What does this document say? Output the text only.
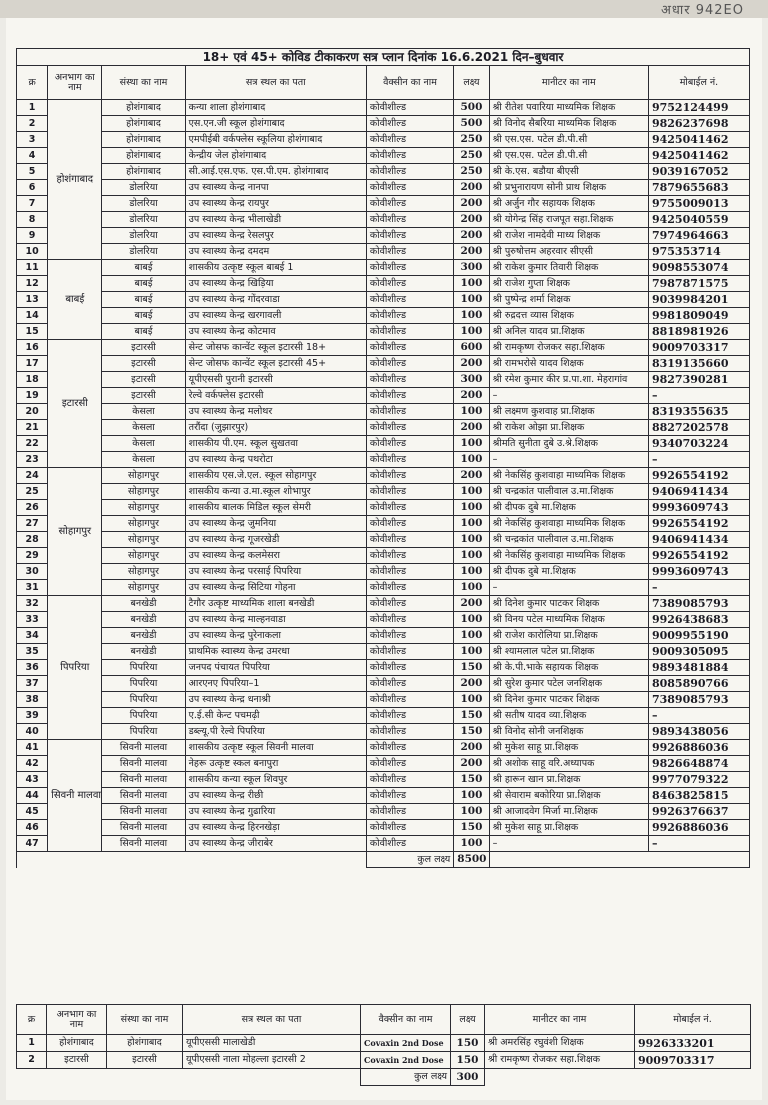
अधार 942EO
18+ एवं 45+ कोविड टीकाकरण सत्र प्लान दिनांक 16.6.2021 दिन–बुधवार							
क्र	अनभाग का नाम	संस्था का नाम	सत्र स्थल का पता	वैक्सीन का नाम	लक्ष्य	मानीटर का नाम	मोबाईल नं.
1	होशंगाबाद	होशंगाबाद	कन्या शाला होशंगाबाद	कोवीशील्ड	500	श्री रीतेश पवारिया माध्यमिक शिक्षक	9752124499
2		होशंगाबाद	एस.एन.जी स्कूल होशंगाबाद	कोवीशील्ड	500	श्री विनोद सैबरिया माध्यमिक शिक्षक	9826237698
3		होशंगाबाद	एमपीईबी वर्कफ्लेस स्कूलिया होशंगाबाद	कोवीशील्ड	250	श्री एस.एस. पटेल डी.पी.सी	9425041462
4		होशंगाबाद	केन्द्रीय जेल होशंगाबाद	कोवीशील्ड	250	श्री एस.एस. पटेल डी.पी.सी	9425041462
5		होशंगाबाद	सी.आई.एस.एफ. एस.पी.एम. होशंगाबाद	कोवीशील्ड	250	श्री के.एस. बडौया बीएसी	9039167052
6		डोलरिया	उप स्वास्थ्य केन्द्र नानपा	कोवीशील्ड	200	श्री प्रभुनारायण सोनी प्राथ शिक्षक	7879655683
7		डोलरिया	उप स्वास्थ्य केन्द्र रायपुर	कोवीशील्ड	200	श्री अर्जुन गौर सहायक शिक्षक	9755009013
8		डोलरिया	उप स्वास्थ्य केन्द्र भीलाखेडी	कोवीशील्ड	200	श्री योगेन्द्र सिंह राजपूत सहा.शिक्षक	9425040559
9		डोलरिया	उप स्वास्थ्य केन्द्र रेसलपुर	कोवीशील्ड	200	श्री राजेश नामदेवी माध्य शिक्षक	7974964663
10		डोलरिया	उप स्वास्थ्य केन्द्र दमदम	कोवीशील्ड	200	श्री पुरुषोत्तम अहरवार सीएसी	975353714
11	बाबई	बाबई	शासकीय उत्कृष्ट स्कूल बाबई 1	कोवीशील्ड	300	श्री राकेश कुमार तिवारी शिक्षक	9098553074
12		बाबई	उप स्वास्थ्य केन्द्र खिड़िया	कोवीशील्ड	100	श्री राजेश गुप्ता शिक्षक	7987871575
13		बाबई	उप स्वास्थ्य केन्द्र गोंदरवाडा	कोवीशील्ड	100	श्री पुष्पेन्द्र शर्मा शिक्षक	9039984201
14		बाबई	उप स्वास्थ्य केन्द्र खरगावली	कोवीशील्ड	100	श्री रुद्रदत्त व्यास शिक्षक	9981809049
15		बाबई	उप स्वास्थ्य केन्द्र कोटमाव	कोवीशील्ड	100	श्री अनिल यादव प्रा.शिक्षक	8818981926
16	इटारसी	इटारसी	सेन्ट जोसफ कान्वेंट स्कूल इटारसी 18+	कोवीशील्ड	600	श्री रामकृष्ण रोजकर सहा.शिक्षक	9009703317
17		इटारसी	सेन्ट जोसफ कान्वेंट स्कूल इटारसी 45+	कोवीशील्ड	200	श्री रामभरोसे यादव शिक्षक	8319135660
18		इटारसी	यूपीएससी पुरानी इटारसी	कोवीशील्ड	300	श्री रमेश कुमार कीर प्र.पा.शा. मेहरागांव	9827390281
19		इटारसी	रेल्वे वर्कफ्लेस इटारसी	कोवीशील्ड	200	–	–
20		केसला	उप स्वास्थ्य केन्द्र मलोथर	कोवीशील्ड	100	श्री लक्ष्मण कुशवाह प्रा.शिक्षक	8319355635
21		केसला	तरौंदा (जुझारपुर)	कोवीशील्ड	200	श्री राकेश ओझा प्रा.शिक्षक	8827202578
22		केसला	शासकीय पी.एम. स्कूल सुखतवा	कोवीशील्ड	100	श्रीमति सुनीता दुबे उ.श्रे.शिक्षक	9340703224
23		केसला	उप स्वास्थ्य केन्द्र पथरोटा	कोवीशील्ड	100	–	–
24	सोहागपुर	सोहागपुर	शासकीय एस.जे.एल. स्कूल सोहागपुर	कोवीशील्ड	200	श्री नेकसिंह कुशवाहा माध्यमिक शिक्षक	9926554192
25		सोहागपुर	शासकीय कन्या उ.मा.स्कूल शोभापुर	कोवीशील्ड	100	श्री चन्द्रकांत पालीवाल उ.मा.शिक्षक	9406941434
26		सोहागपुर	शासकीय बालक मिडिल स्कूल सेमरी	कोवीशील्ड	100	श्री दीपक दुबे मा.शिक्षक	9993609743
27		सोहागपुर	उप स्वास्थ्य केन्द्र जुमनिया	कोवीशील्ड	100	श्री नेकसिंह कुशवाहा माध्यमिक शिक्षक	9926554192
28		सोहागपुर	उप स्वास्थ्य केन्द्र गूजरखेडी	कोवीशील्ड	100	श्री चन्द्रकांत पालीवाल उ.मा.शिक्षक	9406941434
29		सोहागपुर	उप स्वास्थ्य केन्द्र कलमेसरा	कोवीशील्ड	100	श्री नेकसिंह कुशवाहा माध्यमिक शिक्षक	9926554192
30		सोहागपुर	उप स्वास्थ्य केन्द्र परसाई पिपरिया	कोवीशील्ड	100	श्री दीपक दुबे मा.शिक्षक	9993609743
31		सोहागपुर	उप स्वास्थ्य केन्द्र सिटिया गोहना	कोवीशील्ड	100	–	–
32	पिपरिया	बनखेडी	टैगौर उत्कृष्ट माध्यमिक शाला बनखेडी	कोवीशील्ड	200	श्री दिनेश कुमार पाटकर शिक्षक	7389085793
33		बनखेडी	उप स्वास्थ्य केन्द्र माल्हनवाडा	कोवीशील्ड	100	श्री विनय पटेल माध्यमिक शिक्षक	9926438683
34		बनखेडी	उप स्वास्थ्य केन्द्र पुरेनाकला	कोवीशील्ड	100	श्री राजेश कारोलिया प्रा.शिक्षक	9009955190
35		बनखेडी	प्राथमिक स्वास्थ्य केन्द्र उमरधा	कोवीशील्ड	100	श्री श्यामलाल पटेल प्रा.शिक्षक	9009305095
36		पिपरिया	जनपद पंचायत पिपरिया	कोवीशील्ड	150	श्री के.पी.भाके सहायक शिक्षक	9893481884
37		पिपरिया	आरएनए पिपरिया–1	कोवीशील्ड	200	श्री सुरेश कुमार पटेल जनशिक्षक	8085890766
38		पिपरिया	उप स्वास्थ्य केन्द्र धनाश्री	कोवीशील्ड	100	श्री दिनेश कुमार पाटकर शिक्षक	7389085793
39		पिपरिया	ए.ई.सी केन्ट पचमढ़ी	कोवीशील्ड	150	श्री सतीष यादव व्या.शिक्षक	–
40		पिपरिया	डब्ल्यू.पी रेल्वे पिपरिया	कोवीशील्ड	150	श्री विनोद सोनी जनशिक्षक	9893438056
41	सिवनी मालवा	सिवनी मालवा	शासकीय उत्कृष्ट स्कूल सिवनी मालवा	कोवीशील्ड	200	श्री मुकेश साहू प्रा.शिक्षक	9926886036
42		सिवनी मालवा	नेहरू उत्कृष्ट स्कल बनापुरा	कोवीशील्ड	200	श्री अशोक साहू वरि.अध्यापक	9826648874
43		सिवनी मालवा	शासकीय कन्या स्कूल शिवपुर	कोवीशील्ड	150	श्री हारून खान प्रा.शिक्षक	9977079322
44		सिवनी मालवा	उप स्वास्थ्य केन्द्र रीछी	कोवीशील्ड	100	श्री सेवाराम बकोरिया प्रा.शिक्षक	8463825815
45		सिवनी मालवा	उप स्वास्थ्य केन्द्र गुढारिया	कोवीशील्ड	100	श्री आजादवेग मिर्जा मा.शिक्षक	9926376637
46		सिवनी मालवा	उप स्वास्थ्य केन्द्र हिरनखेड़ा	कोवीशील्ड	150	श्री मुकेश साहू प्रा.शिक्षक	9926886036
47		सिवनी मालवा	उप स्वास्थ्य केन्द्र जीराबेर	कोवीशील्ड	100	–	–
				कुल लक्ष्य	8500		
क्र	अनभाग का नाम	संस्था का नाम	सत्र स्थल का पता	वैक्सीन का नाम	लक्ष्य	मानीटर का नाम	मोबाईल नं.
1	होशंगाबाद	होशंगाबाद	यूपीएससी मालाखेडी	Covaxin 2nd Dose	150	श्री अमरसिंह रघुवंशी शिक्षक	9926333201
2	इटारसी	इटारसी	यूपीएससी नाला मोहल्ला इटारसी 2	Covaxin 2nd Dose	150	श्री रामकृष्ण रोजकर सहा.शिक्षक	9009703317
				कुल लक्ष्य	300		
